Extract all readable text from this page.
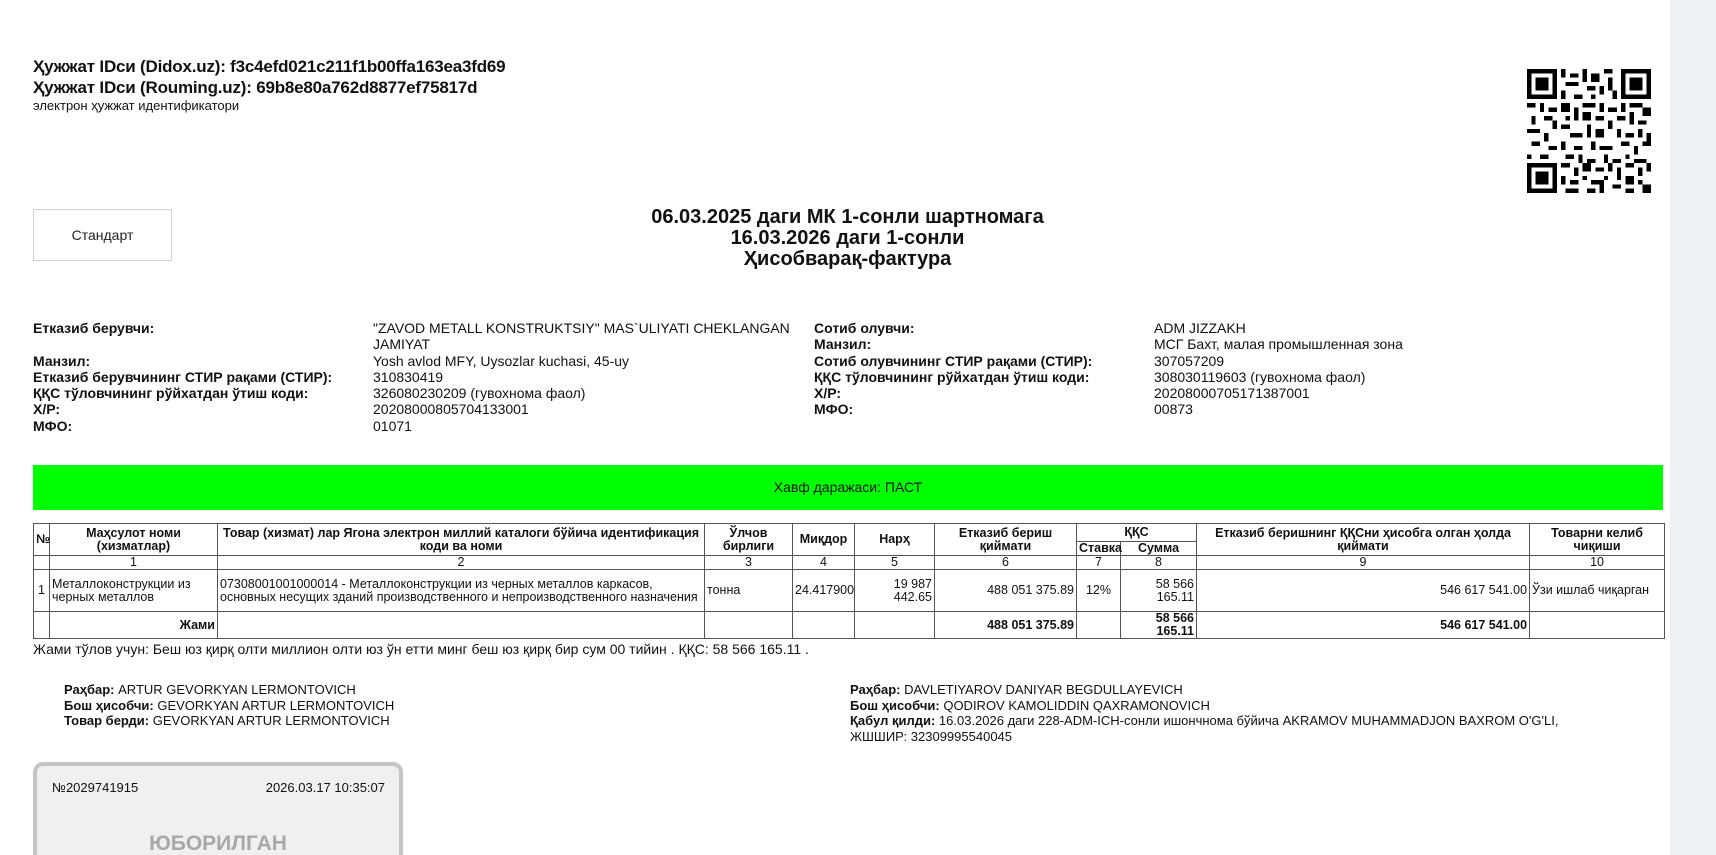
Ҳужжат IDси (Didox.uz): f3c4efd021c211f1b00ffa163ea3fd69
Ҳужжат IDси (Rouming.uz): 69b8e80a762d8877ef75817d
электрон ҳужжат идентификатори
Стандарт
06.03.2025 даги МК 1-сонли шартномага
16.03.2026 даги 1-сонли
Ҳисобварақ-фактура
Етказиб берувчи:	"ZAVOD METALL KONSTRUKTSIY" MAS`ULIYATI CHEKLANGAN JAMIYAT
Манзил:	Yosh avlod MFY, Uysozlar kuchasi, 45-uy
Етказиб берувчининг СТИР рақами (СТИР):	310830419
ҚҚС тўловчининг рўйхатдан ўтиш коди:	326080230209 (гувохнома фаол)
Х/Р:	20208000805704133001
МФО:	01071
Сотиб олувчи:	ADM JIZZAKH
Манзил:	МСГ Бахт, малая промышленная зона
Сотиб олувчининг СТИР рақами (СТИР):	307057209
ҚҚС тўловчининг рўйхатдан ўтиш коди:	308030119603 (гувохнома фаол)
Х/Р:	20208000705171387001
МФО:	00873
Хавф даражаси: ПАСТ
№	Маҳсулот номи (хизматлар)	Товар (хизмат) лар Ягона электрон миллий каталоги бўйича идентификация коди ва номи	Ўлчов бирлиги	Миқдор	Нарҳ	Етказиб бериш қиймати	ҚҚС		Етказиб беришнинг ҚҚСни ҳисобга олган ҳолда қиймати	Товарни келиб чиқиши
							Ставка	Сумма		
	1	2	3	4	5	6	7	8	9	10
1	Металлоконструкции из черных металлов	07308001001000014 - Металлоконструкции из черных металлов каркасов, основных несущих зданий производственного и непроизводственного назначения	тонна	24.417900	19 987 442.65	488 051 375.89	12%	58 566 165.11	546 617 541.00	Ўзи ишлаб чиқарган
	Жами					488 051 375.89		58 566 165.11	546 617 541.00	
Жами тўлов учун: Беш юз қирқ олти миллион олти юз ўн етти минг беш юз қирқ бир сум 00 тийин . ҚҚС: 58 566 165.11 .
Раҳбар: ARTUR GEVORKYAN LERMONTOVICH
Бош ҳисобчи: GEVORKYAN ARTUR LERMONTOVICH
Товар берди: GEVORKYAN ARTUR LERMONTOVICH
Раҳбар: DAVLETIYAROV DANIYAR BEGDULLAYEVICH
Бош ҳисобчи: QODIROV KAMOLIDDIN QAXRAMONOVICH
Қабул қилди: 16.03.2026 даги 228-ADM-ICH-сонли ишончнома бўйича AKRAMOV MUHAMMADJON BAXROM O'G'LI, ЖШШИР: 32309995540045
№2029741915	2026.03.17 10:35:07
ЮБОРИЛГАН
